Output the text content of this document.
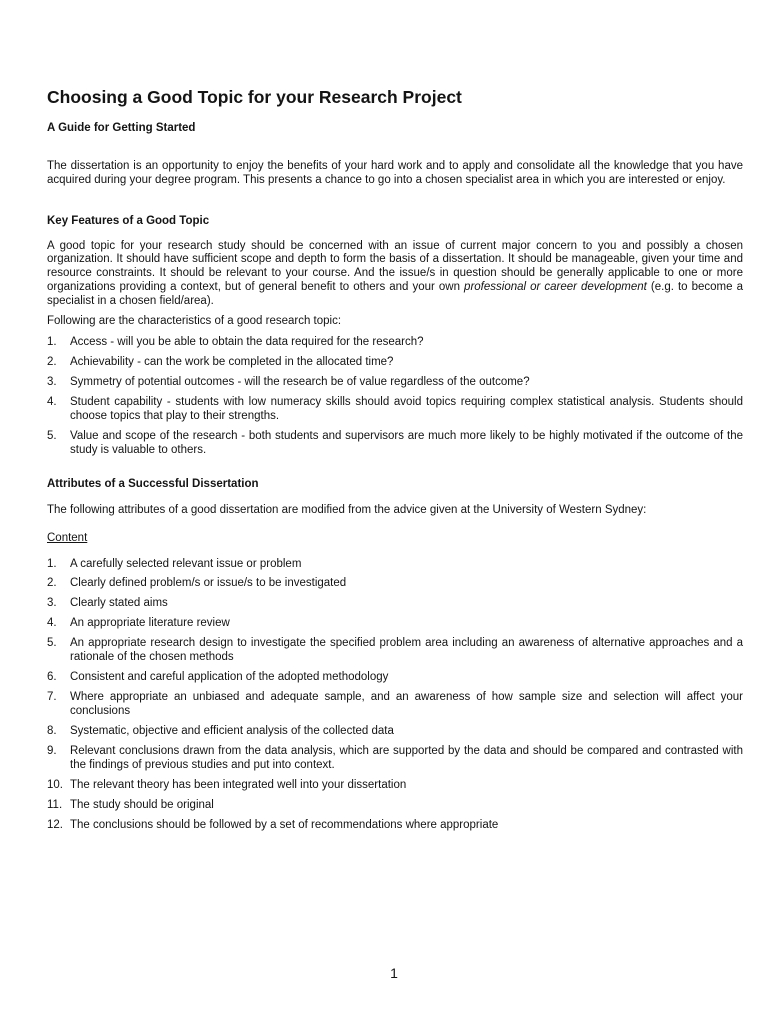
Choosing a Good Topic for your Research Project
A Guide for Getting Started

The dissertation is an opportunity to enjoy the benefits of your hard work and to apply and consolidate all the knowledge that you have acquired during your degree program. This presents a chance to go into a chosen specialist area in which you are interested or enjoy.

Key Features of a Good Topic

A good topic for your research study should be concerned with an issue of current major concern to you and possibly a chosen organization. It should have sufficient scope and depth to form the basis of a dissertation. It should be manageable, given your time and resource constraints. It should be relevant to your course. And the issue/s in question should be generally applicable to one or more organizations providing a context, but of general benefit to others and your own professional or career development (e.g. to become a specialist in a chosen field/area).

Following are the characteristics of a good research topic:

1.	Access - will you be able to obtain the data required for the research?
2.	Achievability - can the work be completed in the allocated time?
3.	Symmetry of potential outcomes - will the research be of value regardless of the outcome?
4.	Student capability - students with low numeracy skills should avoid topics requiring complex statistical analysis. Students should choose topics that play to their strengths.
5.	Value and scope of the research - both students and supervisors are much more likely to be highly motivated if the outcome of the study is valuable to others.
Attributes of a Successful Dissertation

The following attributes of a good dissertation are modified from the advice given at the University of Western Sydney:

Content
1.	A carefully selected relevant issue or problem
2.	Clearly defined problem/s or issue/s to be investigated
3.	Clearly stated aims
4.	An appropriate literature review
5.	An appropriate research design to investigate the specified problem area including an awareness of alternative approaches and a rationale of the chosen methods
6.	Consistent and careful application of the adopted methodology
7.	Where appropriate an unbiased and adequate sample, and an awareness of how sample size and selection will affect your conclusions
8.	Systematic, objective and efficient analysis of the collected data
9.	Relevant conclusions drawn from the data analysis, which are supported by the data and should be compared and contrasted with the findings of previous studies and put into context.
10. The relevant theory has been integrated well into your dissertation
11. The study should be original
12. The conclusions should be followed by a set of recommendations where appropriate
1
